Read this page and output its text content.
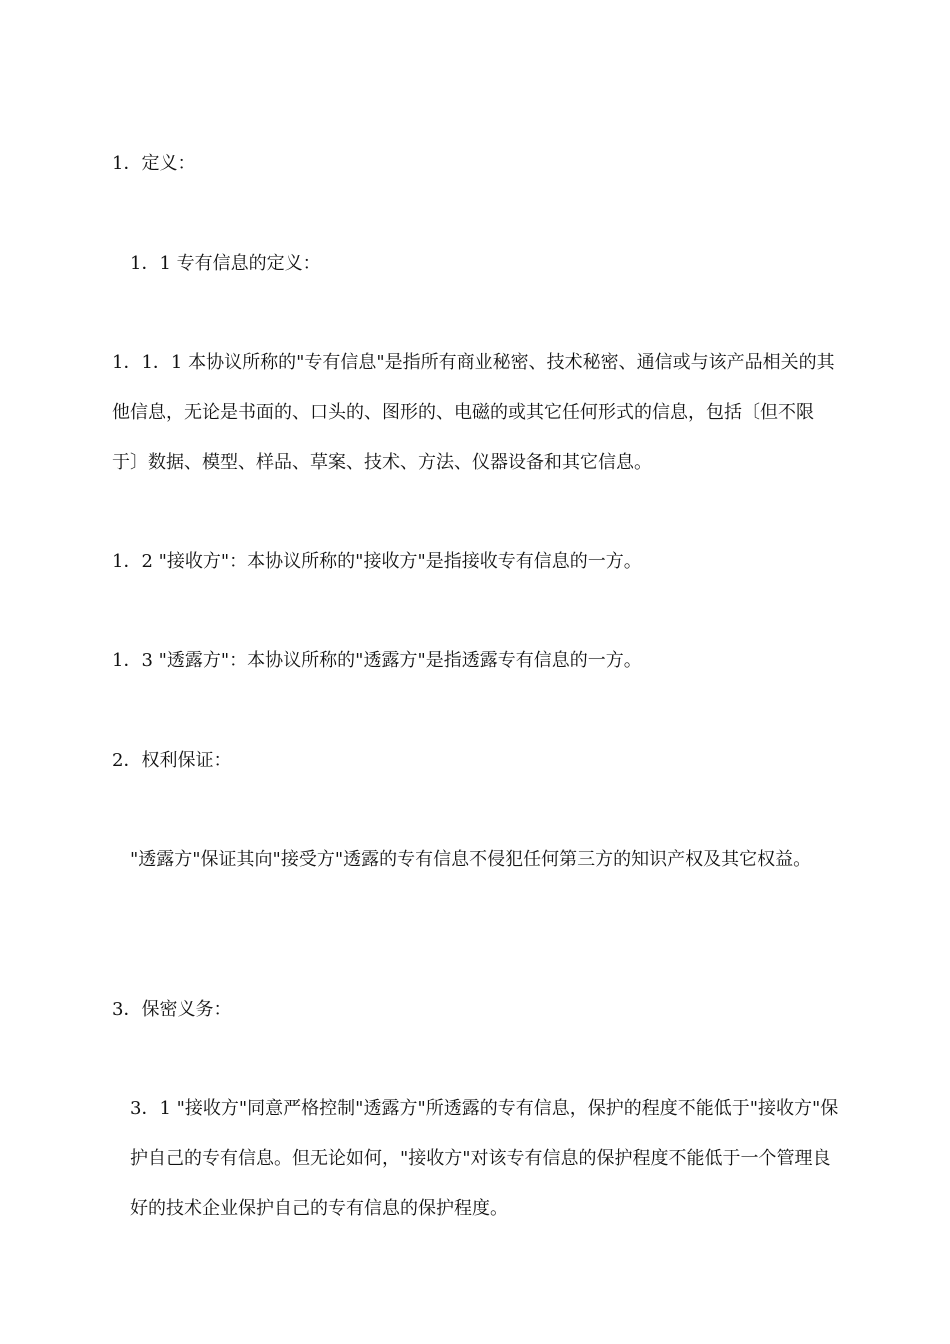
1．定义：

1．1 专有信息的定义：

1．1．1 本协议所称的"专有信息"是指所有商业秘密、技术秘密、通信或与该产品相关的其他信息，无论是书面的、口头的、图形的、电磁的或其它任何形式的信息，包括〔但不限于〕数据、模型、样品、草案、技术、方法、仪器设备和其它信息。

1．2 "接收方"：本协议所称的"接收方"是指接收专有信息的一方。

1．3 "透露方"：本协议所称的"透露方"是指透露专有信息的一方。

2．权利保证：

"透露方"保证其向"接受方"透露的专有信息不侵犯任何第三方的知识产权及其它权益。

3．保密义务：

3．1 "接收方"同意严格控制"透露方"所透露的专有信息，保护的程度不能低于"接收方"保护自己的专有信息。但无论如何，"接收方"对该专有信息的保护程度不能低于一个管理良好的技术企业保护自己的专有信息的保护程度。
